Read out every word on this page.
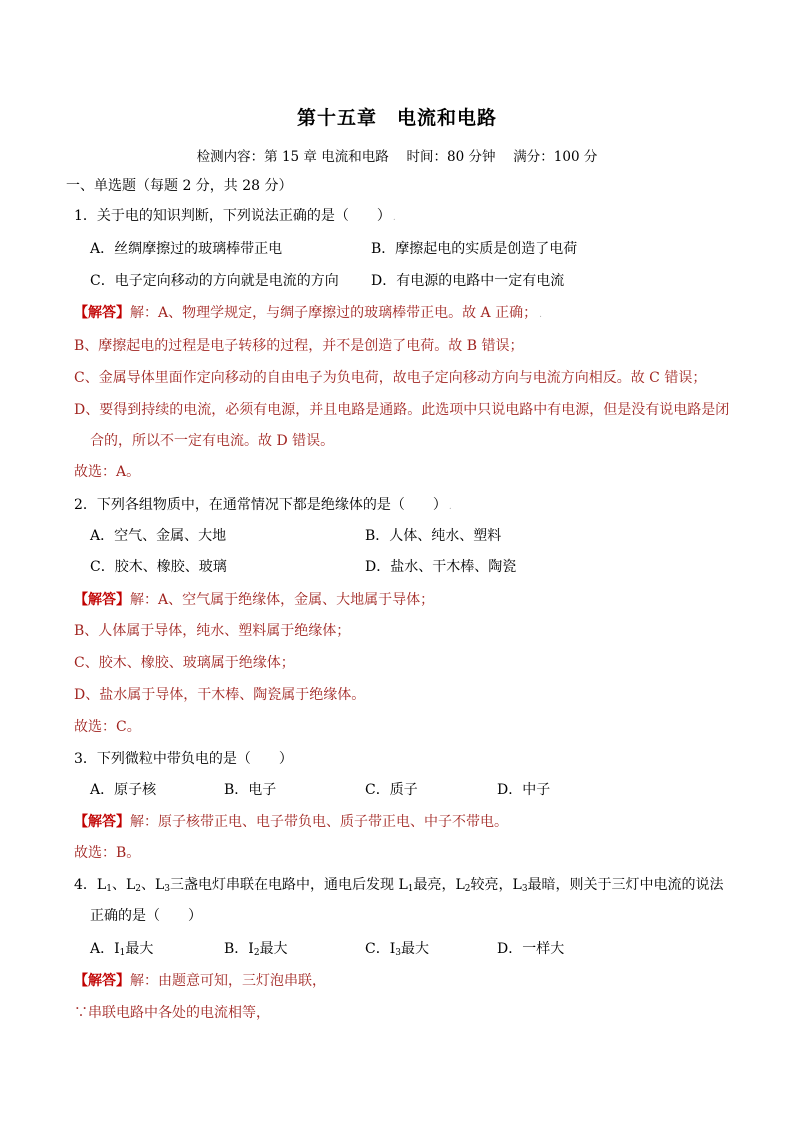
第十五章　电流和电路
检测内容：第 15 章 电流和电路　 时间：80 分钟　 满分：100 分
一、单选题（每题 2 分，共 28 分）
1．关于电的知识判断，下列说法正确的是（　　） .
A．丝绸摩擦过的玻璃棒带正电	B．摩擦起电的实质是创造了电荷
C．电子定向移动的方向就是电流的方向 D．有电源的电路中一定有电流
【解答】解：A、物理学规定，与绸子摩擦过的玻璃棒带正电。故 A 正确； .
B、摩擦起电的过程是电子转移的过程，并不是创造了电荷。故 B 错误；
C、金属导体里面作定向移动的自由电子为负电荷，故电子定向移动方向与电流方向相反。故 C 错误；
D、要得到持续的电流，必须有电源，并且电路是通路。此选项中只说电路中有电源，但是没有说电路是闭
合的，所以不一定有电流。故 D 错误。
故选：A。
2．下列各组物质中，在通常情况下都是绝缘体的是（　　） .
A．空气、金属、大地	B．人体、纯水、塑料
C．胶木、橡胶、玻璃	D．盐水、干木棒、陶瓷
【解答】解：A、空气属于绝缘体，金属、大地属于导体；
B、人体属于导体，纯水、塑料属于绝缘体；
C、胶木、橡胶、玻璃属于绝缘体；
D、盐水属于导体，干木棒、陶瓷属于绝缘体。
故选：C。
3．下列微粒中带负电的是（　　）
A．原子核	B．电子	C．质子	D．中子
【解答】解：原子核带正电、电子带负电、质子带正电、中子不带电。
故选：B。
4．$L_1$、$L_2$、$L_3$三盏电灯串联在电路中，通电后发现 $L_1$最亮，$L_2$较亮，$L_3$最暗，则关于三灯中电流的说法
正确的是（　　）
A．$I_1$最大	B．$I_2$最大	C．$I_3$最大	D．一样大
【解答】解：由题意可知，三灯泡串联，
∵串联电路中各处的电流相等，
